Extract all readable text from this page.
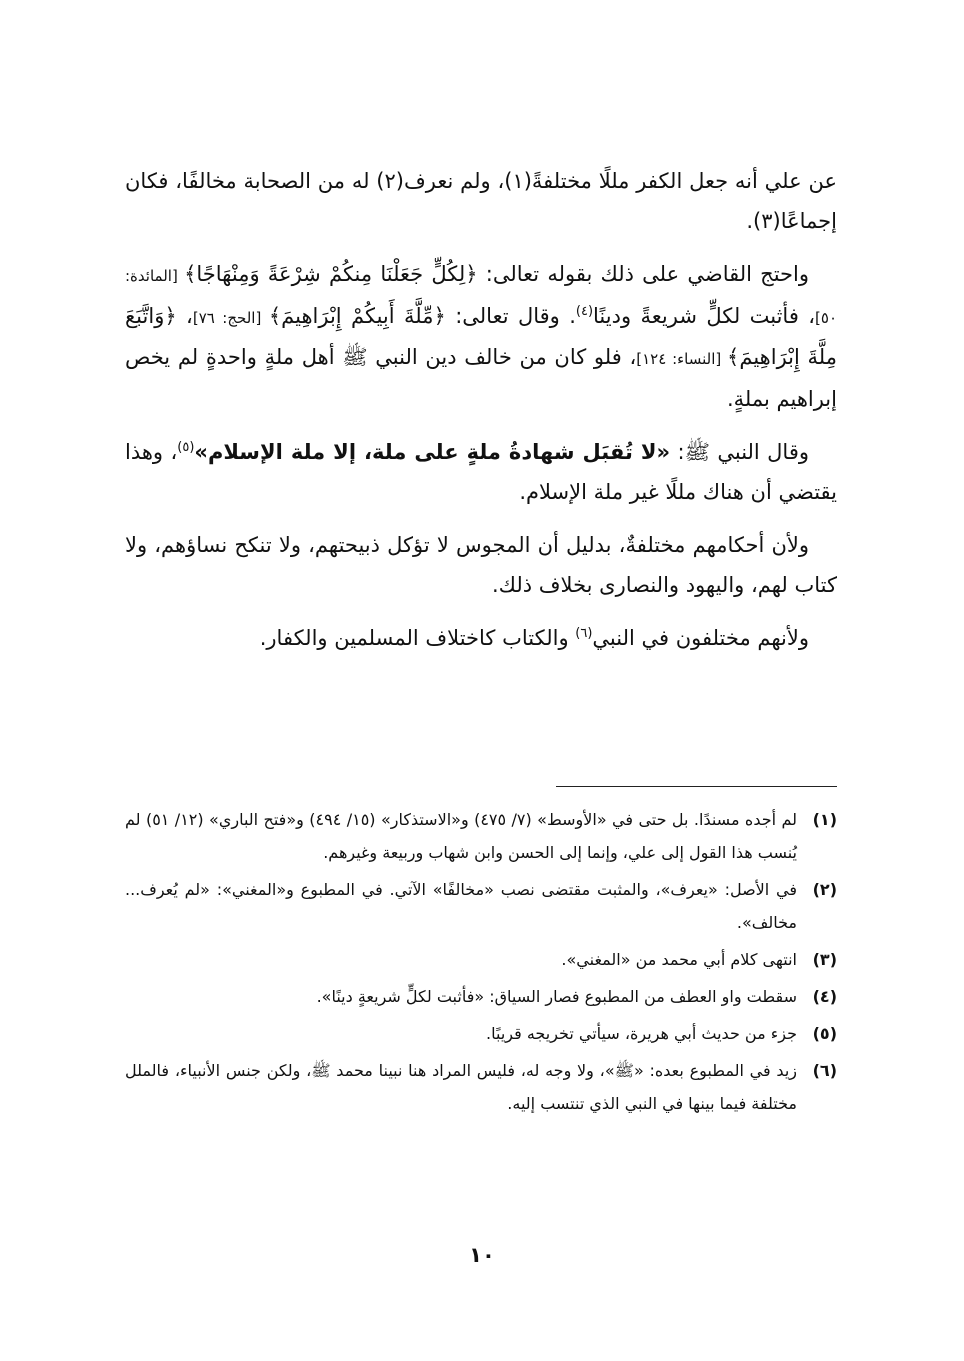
عن علي أنه جعل الكفر مللًا مختلفةً(١)، ولم نعرف(٢) له من الصحابة مخالفًا، فكان إجماعًا(٣).

واحتج القاضي على ذلك بقوله تعالى: ﴿لِكُلٍّ جَعَلْنَا مِنكُمْ شِرْعَةً وَمِنْهَاجًا﴾ [المائدة: ٥٠]، فأثبت لكلٍّ شريعةً ودينًا$^{(٤)}$. وقال تعالى: ﴿مِّلَّةَ أَبِيكُمْ إِبْرَاهِيمَ﴾ [الحج: ٧٦]، ﴿وَاتَّبَعَ مِلَّةَ إِبْرَاهِيمَ﴾ [النساء: ١٢٤]، فلو كان من خالف دين النبي ﷺ أهل ملةٍ واحدةٍ لم يخص إبراهيم بملةٍ.

وقال النبي ﷺ: «لا تُقبَل شهادةُ ملةٍ على ملة، إلا ملة الإسلام»$^{(٥)}$، وهذا يقتضي أن هناك مللًا غير ملة الإسلام.

ولأن أحكامهم مختلفةٌ، بدليل أن المجوس لا تؤكل ذبيحتهم، ولا تنكح نساؤهم، ولا كتاب لهم، واليهود والنصارى بخلاف ذلك.

ولأنهم مختلفون في النبي$^{(٦)}$ والكتاب كاختلاف المسلمين والكفار.

(١)
لم أجده مسندًا. بل حتى في «الأوسط» (٧/ ٤٧٥) و«الاستذكار» (١٥/ ٤٩٤) و«فتح الباري» (١٢/ ٥١) لم يُنسب هذا القول إلى علي، وإنما إلى الحسن وابن شهاب وربيعة وغيرهم.
(٢)
في الأصل: «يعرف»، والمثبت مقتضى نصب «مخالفًا» الآتي. في المطبوع و«المغني»: «لم يُعرف... مخالف».
(٣)
انتهى كلام أبي محمد من «المغني».
(٤)
سقطت واو العطف من المطبوع فصار السياق: «فأثبت لكلٍّ شريعةٍ دينًا».
(٥)
جزء من حديث أبي هريرة، سيأتي تخريجه قريبًا.
(٦)
زيد في المطبوع بعده: «ﷺ»، ولا وجه له، فليس المراد هنا نبينا محمد ﷺ، ولكن جنس الأنبياء، فالملل مختلفة فيما بينها في النبي الذي تنتسب إليه.
١٠
